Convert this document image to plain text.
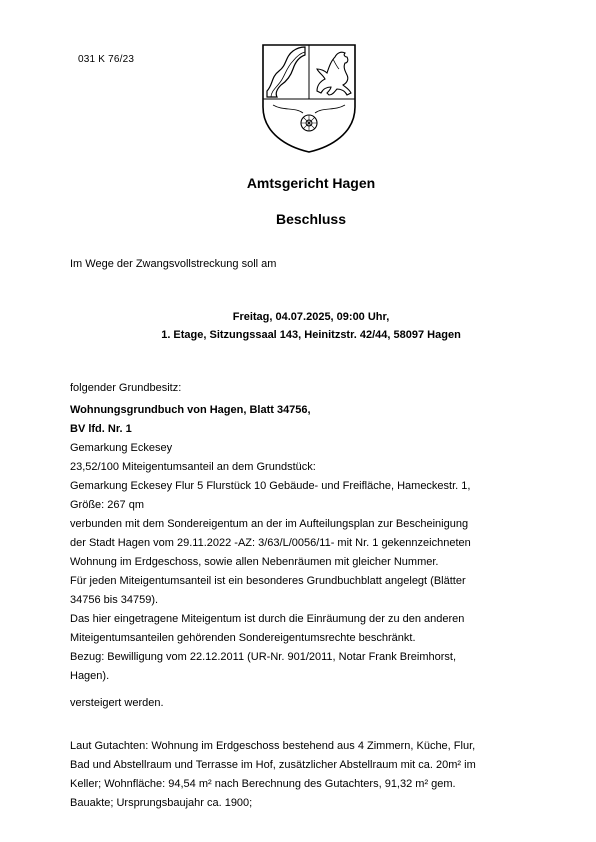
031 K 76/23
Amtsgericht Hagen
Beschluss
Im Wege der Zwangsvollstreckung soll am
Freitag, 04.07.2025, 09:00 Uhr,
1. Etage, Sitzungssaal 143, Heinitzstr. 42/44, 58097 Hagen
folgender Grundbesitz:
Wohnungsgrundbuch von Hagen, Blatt 34756,
BV lfd. Nr. 1
Gemarkung Eckesey
23,52/100 Miteigentumsanteil an dem Grundstück:
Gemarkung Eckesey Flur 5 Flurstück 10 Gebäude- und Freifläche, Hameckestr. 1,
Größe: 267 qm
verbunden mit dem Sondereigentum an der im Aufteilungsplan zur Bescheinigung
der Stadt Hagen vom 29.11.2022 -AZ: 3/63/L/0056/11- mit Nr. 1 gekennzeichneten
Wohnung im Erdgeschoss, sowie allen Nebenräumen mit gleicher Nummer.
Für jeden Miteigentumsanteil ist ein besonderes Grundbuchblatt angelegt (Blätter
34756 bis 34759).
Das hier eingetragene Miteigentum ist durch die Einräumung der zu den anderen
Miteigentumsanteilen gehörenden Sondereigentumsrechte beschränkt.
Bezug: Bewilligung vom 22.12.2011 (UR-Nr. 901/2011, Notar Frank Breimhorst,
Hagen).
versteigert werden.
Laut Gutachten: Wohnung im Erdgeschoss bestehend aus 4 Zimmern, Küche, Flur,
Bad und Abstellraum und Terrasse im Hof, zusätzlicher Abstellraum mit ca. 20m² im
Keller; Wohnfläche: 94,54 m² nach Berechnung des Gutachters, 91,32 m² gem.
Bauakte; Ursprungsbaujahr ca. 1900;
